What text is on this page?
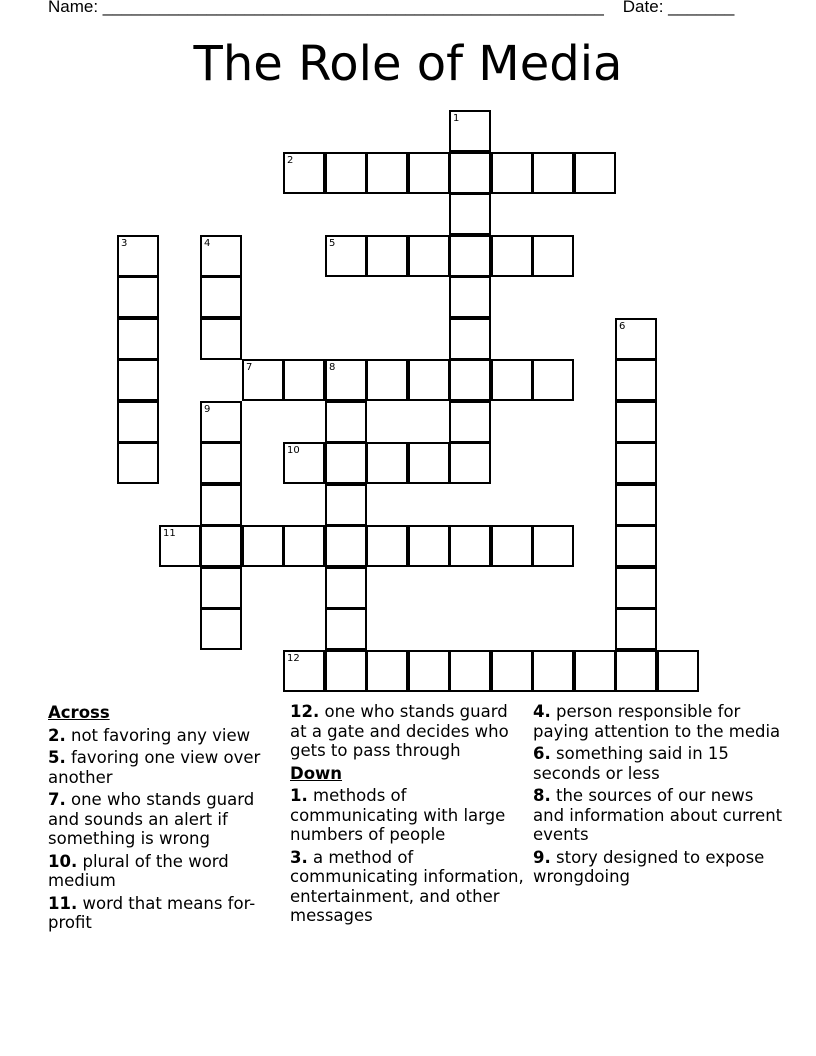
Name: _____________________________________________________    Date: _______
The Role of Media
1
2
3	4	5
6
7	8
9
10
11
12
Across
2. not favoring any view
5. favoring one view over another
7. one who stands guard and sounds an alert if something is wrong
10. plural of the word medium
11. word that means for-profit
12. one who stands guard at a gate and decides who gets to pass through
Down
1. methods of communicating with large numbers of people
3. a method of communicating information, entertainment, and other messages
4. person responsible for paying attention to the media
6. something said in 15 seconds or less
8. the sources of our news and information about current events
9. story designed to expose wrongdoing
